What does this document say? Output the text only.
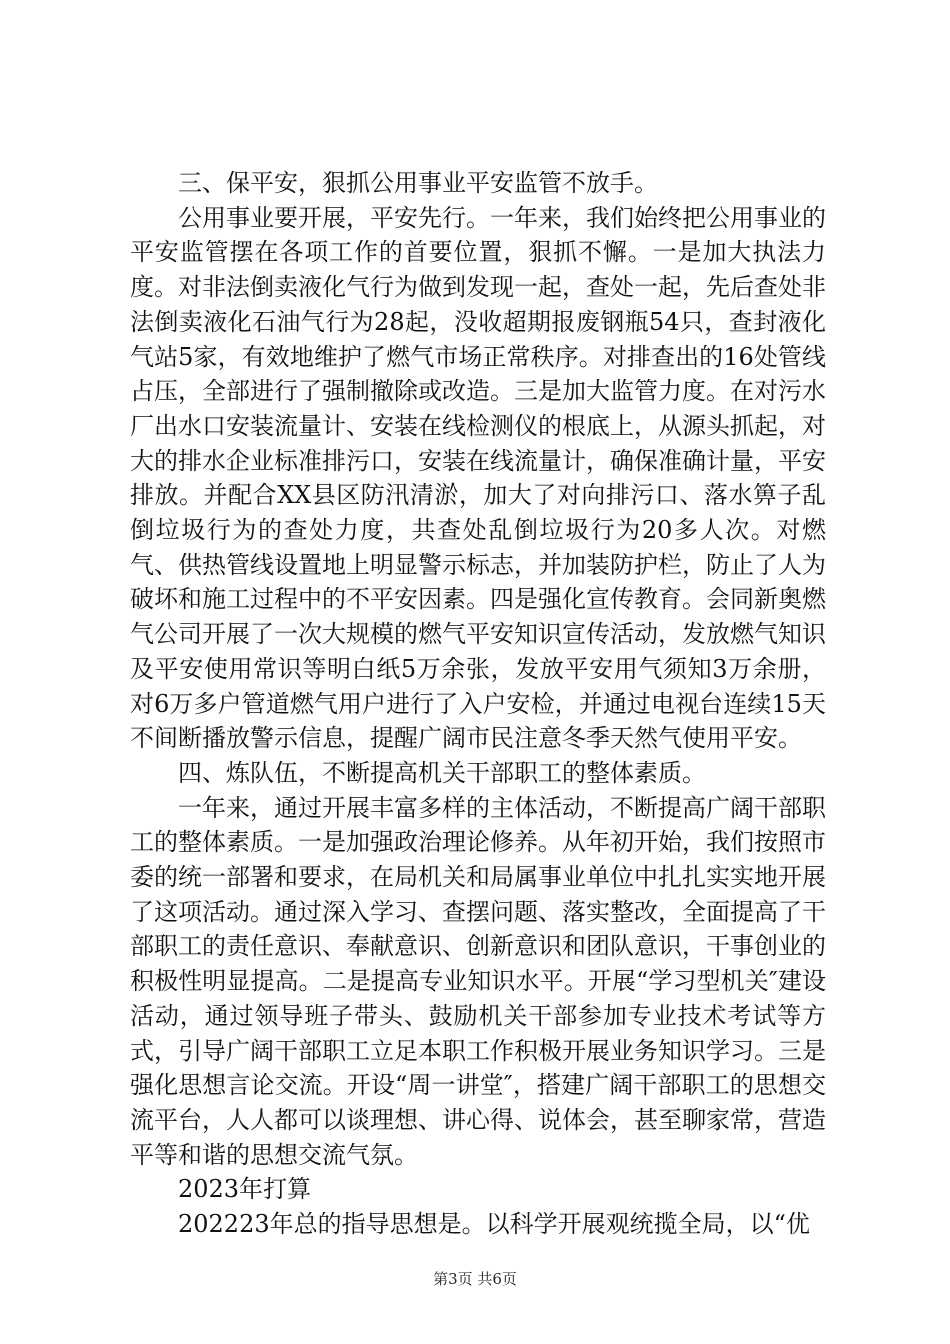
三、保平安，狠抓公用事业平安监管不放手。

公用事业要开展，平安先行。一年来，我们始终把公用事业的平安监管摆在各项工作的首要位置，狠抓不懈。一是加大执法力度。对非法倒卖液化气行为做到发现一起，查处一起，先后查处非法倒卖液化石油气行为28起，没收超期报废钢瓶54只，查封液化气站5家，有效地维护了燃气市场正常秩序。对排查出的16处管线占压，全部进行了强制撤除或改造。三是加大监管力度。在对污水厂出水口安装流量计、安装在线检测仪的根底上，从源头抓起，对大的排水企业标准排污口，安装在线流量计，确保准确计量，平安排放。并配合XX县区防汛清淤，加大了对向排污口、落水箅子乱倒垃圾行为的查处力度，共查处乱倒垃圾行为20多人次。对燃气、供热管线设置地上明显警示标志，并加装防护栏，防止了人为破坏和施工过程中的不平安因素。四是强化宣传教育。会同新奥燃气公司开展了一次大规模的燃气平安知识宣传活动，发放燃气知识及平安使用常识等明白纸5万余张，发放平安用气须知3万余册，对6万多户管道燃气用户进行了入户安检，并通过电视台连续15天不间断播放警示信息，提醒广阔市民注意冬季天然气使用平安。

四、炼队伍，不断提高机关干部职工的整体素质。

一年来，通过开展丰富多样的主体活动，不断提高广阔干部职工的整体素质。一是加强政治理论修养。从年初开始，我们按照市委的统一部署和要求，在局机关和局属事业单位中扎扎实实地开展了这项活动。通过深入学习、查摆问题、落实整改，全面提高了干部职工的责任意识、奉献意识、创新意识和团队意识，干事创业的积极性明显提高。二是提高专业知识水平。开展“学习型机关″建设活动，通过领导班子带头、鼓励机关干部参加专业技术考试等方式，引导广阔干部职工立足本职工作积极开展业务知识学习。三是强化思想言论交流。开设“周一讲堂″，搭建广阔干部职工的思想交流平台，人人都可以谈理想、讲心得、说体会，甚至聊家常，营造平等和谐的思想交流气氛。

2023年打算

202223年总的指导思想是。以科学开展观统揽全局，以“优

第3页 共6页
